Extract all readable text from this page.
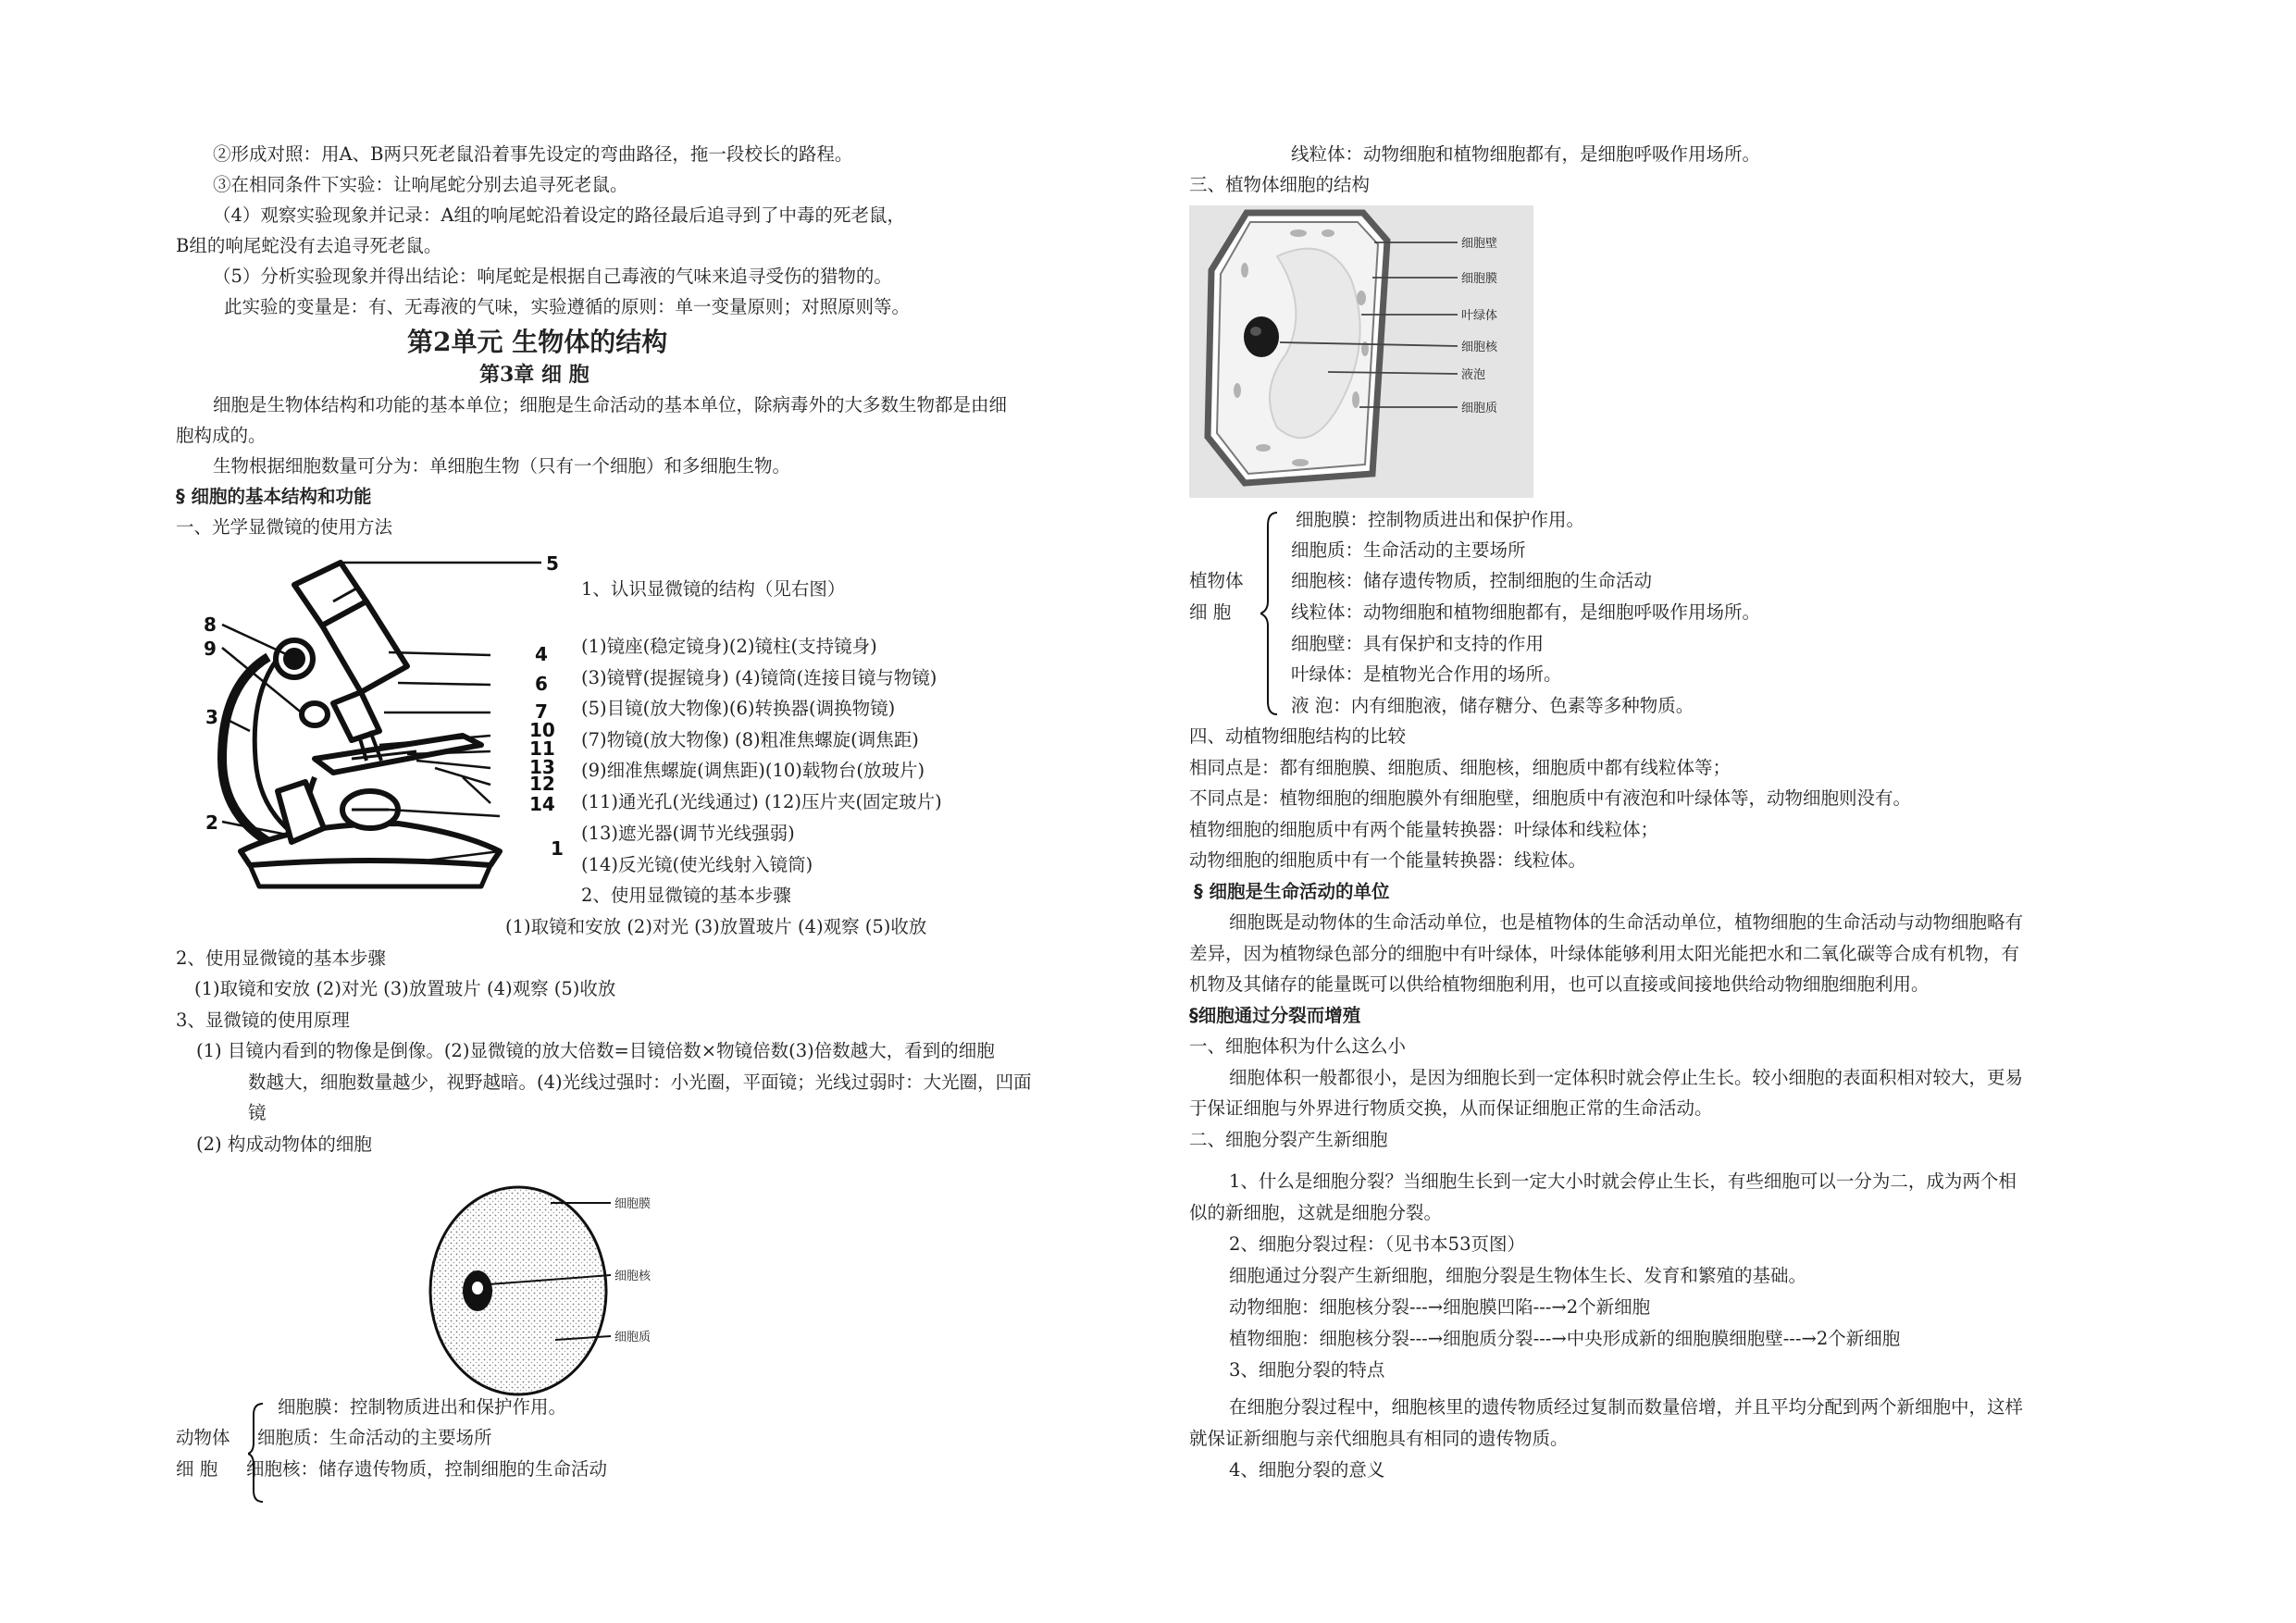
②形成对照：用A、B两只死老鼠沿着事先设定的弯曲路径，拖一段校长的路程。
③在相同条件下实验：让响尾蛇分别去追寻死老鼠。
（4）观察实验现象并记录：A组的响尾蛇沿着设定的路径最后追寻到了中毒的死老鼠，
B组的响尾蛇没有去追寻死老鼠。
（5）分析实验现象并得出结论：响尾蛇是根据自己毒液的气味来追寻受伤的猎物的。
此实验的变量是：有、无毒液的气味，实验遵循的原则：单一变量原则；对照原则等。
第2单元 生物体的结构
第3章 细 胞
细胞是生物体结构和功能的基本单位；细胞是生命活动的基本单位，除病毒外的大多数生物都是由细
胞构成的。
生物根据细胞数量可分为：单细胞生物（只有一个细胞）和多细胞生物。
§ 细胞的基本结构和功能
一、光学显微镜的使用方法
5
8
4
9
6
7
10
11
3
13
12
14
2
1
1、认识显微镜的结构（见右图）
(1)镜座(稳定镜身)(2)镜柱(支持镜身)
(3)镜臂(提握镜身) (4)镜筒(连接目镜与物镜)
(5)目镜(放大物像)(6)转换器(调换物镜)
(7)物镜(放大物像) (8)粗准焦螺旋(调焦距)
(9)细准焦螺旋(调焦距)(10)载物台(放玻片)
(11)通光孔(光线通过) (12)压片夹(固定玻片)
(13)遮光器(调节光线强弱)
(14)反光镜(使光线射入镜筒)
2、使用显微镜的基本步骤
(1)取镜和安放 (2)对光 (3)放置玻片 (4)观察 (5)收放
2、使用显微镜的基本步骤
(1)取镜和安放 (2)对光 (3)放置玻片 (4)观察 (5)收放
3、显微镜的使用原理
(1) 目镜内看到的物像是倒像。(2)显微镜的放大倍数=目镜倍数×物镜倍数(3)倍数越大，看到的细胞
数越大，细胞数量越少，视野越暗。(4)光线过强时：小光圈，平面镜；光线过弱时：大光圈，凹面
镜
(2) 构成动物体的细胞
细胞膜
细胞核
细胞质
细胞膜：控制物质进出和保护作用。
动物体 细胞质：生命活动的主要场所
细 胞 细胞核：储存遗传物质，控制细胞的生命活动
线粒体：动物细胞和植物细胞都有，是细胞呼吸作用场所。
三、植物体细胞的结构
细胞壁
细胞膜
叶绿体
细胞核
液泡
细胞质
细胞膜：控制物质进出和保护作用。
细胞质：生命活动的主要场所
植物体	细胞核：储存遗传物质，控制细胞的生命活动
细 胞	线粒体：动物细胞和植物细胞都有，是细胞呼吸作用场所。
细胞壁：具有保护和支持的作用
叶绿体：是植物光合作用的场所。
液 泡：内有细胞液，储存糖分、色素等多种物质。
四、动植物细胞结构的比较
相同点是：都有细胞膜、细胞质、细胞核，细胞质中都有线粒体等；
不同点是：植物细胞的细胞膜外有细胞壁，细胞质中有液泡和叶绿体等，动物细胞则没有。
植物细胞的细胞质中有两个能量转换器：叶绿体和线粒体；
动物细胞的细胞质中有一个能量转换器：线粒体。
§ 细胞是生命活动的单位
细胞既是动物体的生命活动单位，也是植物体的生命活动单位，植物细胞的生命活动与动物细胞略有
差异，因为植物绿色部分的细胞中有叶绿体，叶绿体能够利用太阳光能把水和二氧化碳等合成有机物，有
机物及其储存的能量既可以供给植物细胞利用，也可以直接或间接地供给动物细胞细胞利用。
§细胞通过分裂而增殖
一、细胞体积为什么这么小
细胞体积一般都很小，是因为细胞长到一定体积时就会停止生长。较小细胞的表面积相对较大，更易
于保证细胞与外界进行物质交换，从而保证细胞正常的生命活动。
二、细胞分裂产生新细胞
1、什么是细胞分裂？当细胞生长到一定大小时就会停止生长，有些细胞可以一分为二，成为两个相
似的新细胞，这就是细胞分裂。
2、细胞分裂过程：（见书本53页图）
细胞通过分裂产生新细胞，细胞分裂是生物体生长、发育和繁殖的基础。
动物细胞：细胞核分裂---→细胞膜凹陷---→2个新细胞
植物细胞：细胞核分裂---→细胞质分裂---→中央形成新的细胞膜细胞壁---→2个新细胞
3、细胞分裂的特点
在细胞分裂过程中，细胞核里的遗传物质经过复制而数量倍增，并且平均分配到两个新细胞中，这样
就保证新细胞与亲代细胞具有相同的遗传物质。
4、细胞分裂的意义
